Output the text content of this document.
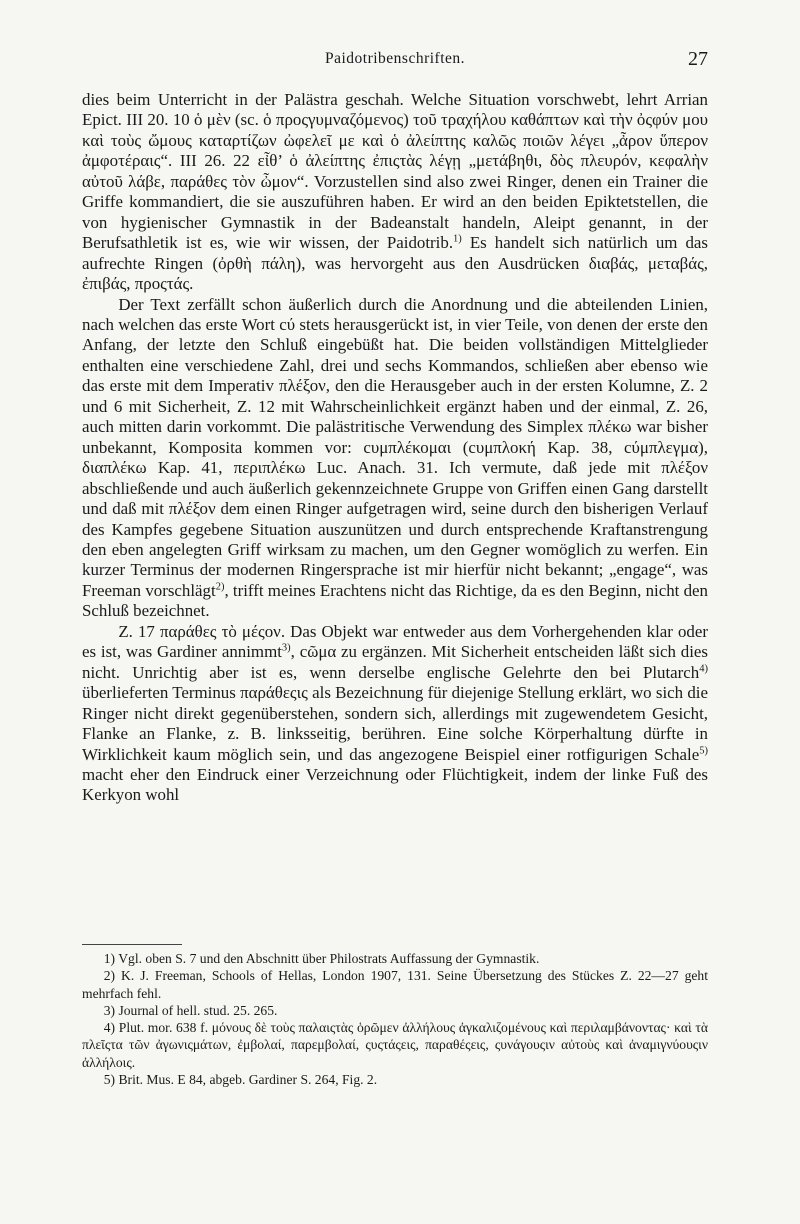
Paidotribenschriften.	27

dies beim Unterricht in der Palästra geschah. Welche Situation vorschwebt, lehrt Arrian Epict. III 20. 10 ὁ μὲν (sc. ὁ προςγυμναζόμενος) τοῦ τραχήλου καθάπτων καὶ τὴν ὀςφύν μου καὶ τοὺς ὤμους καταρτίζων ὠφελεῖ με καὶ ὁ ἀλείπτης καλῶς ποιῶν λέγει „ἆρον ὕπερον ἀμφοτέραις“. III 26. 22 εἶθ’ ὁ ἀλείπτης ἐπιςτὰς λέγῃ „μετάβηθι, δὸς πλευρόν, κεφαλὴν αὐτοῦ λάβε, παράθες τὸν ὦμον“. Vorzustellen sind also zwei Ringer, denen ein Trainer die Griffe kommandiert, die sie auszuführen haben. Er wird an den beiden Epiktetstellen, die von hygienischer Gymnastik in der Badeanstalt handeln, Aleipt genannt, in der Berufsathletik ist es, wie wir wissen, der Paidotrib.$^{1)}$ Es handelt sich natürlich um das aufrechte Ringen (ὀρθὴ πάλη), was hervorgeht aus den Ausdrücken διαβάς, μεταβάς, ἐπιβάς, προςτάς.

Der Text zerfällt schon äußerlich durch die Anordnung und die abteilenden Linien, nach welchen das erste Wort cύ stets herausgerückt ist, in vier Teile, von denen der erste den Anfang, der letzte den Schluß eingebüßt hat. Die beiden vollständigen Mittelglieder enthalten eine verschiedene Zahl, drei und sechs Kommandos, schließen aber ebenso wie das erste mit dem Imperativ πλέξον, den die Herausgeber auch in der ersten Kolumne, Z. 2 und 6 mit Sicherheit, Z. 12 mit Wahrscheinlichkeit ergänzt haben und der einmal, Z. 26, auch mitten darin vorkommt. Die palästritische Verwendung des Simplex πλέκω war bisher unbekannt, Komposita kommen vor: cυμπλέκομαι (cυμπλοκή Kap. 38, cύμπλεγμα), διαπλέκω Kap. 41, περιπλέκω Luc. Anach. 31. Ich vermute, daß jede mit πλέξον abschließende und auch äußerlich gekennzeichnete Gruppe von Griffen einen Gang darstellt und daß mit πλέξον dem einen Ringer aufgetragen wird, seine durch den bisherigen Verlauf des Kampfes gegebene Situation auszunützen und durch entsprechende Kraftanstrengung den eben angelegten Griff wirksam zu machen, um den Gegner womöglich zu werfen. Ein kurzer Terminus der modernen Ringersprache ist mir hierfür nicht bekannt; „engage“, was Freeman vorschlägt$^{2)}$, trifft meines Erachtens nicht das Richtige, da es den Beginn, nicht den Schluß bezeichnet.

Z. 17 παράθες τὸ μέςον. Das Objekt war entweder aus dem Vorhergehenden klar oder es ist, was Gardiner annimmt$^{3)}$, cῶμα zu ergänzen. Mit Sicherheit entscheiden läßt sich dies nicht. Unrichtig aber ist es, wenn derselbe englische Gelehrte den bei Plutarch$^{4)}$ überlieferten Terminus παράθεςις als Bezeichnung für diejenige Stellung erklärt, wo sich die Ringer nicht direkt gegenüberstehen, sondern sich, allerdings mit zugewendetem Gesicht, Flanke an Flanke, z. B. linksseitig, berühren. Eine solche Körperhaltung dürfte in Wirklichkeit kaum möglich sein, und das angezogene Beispiel einer rotfigurigen Schale$^{5)}$ macht eher den Eindruck einer Verzeichnung oder Flüchtigkeit, indem der linke Fuß des Kerkyon wohl

1) Vgl. oben S. 7 und den Abschnitt über Philostrats Auffassung der Gymnastik.

2) K. J. Freeman, Schools of Hellas, London 1907, 131. Seine Übersetzung des Stückes Z. 22—27 geht mehrfach fehl.

3) Journal of hell. stud. 25. 265.

4) Plut. mor. 638 f. μόνους δὲ τοὺς παλαιςτὰς ὁρῶμεν ἀλλήλους ἀγκαλιζομένους καὶ περιλαμβάνοντας· καὶ τὰ πλεῖςτα τῶν ἀγωνιςμάτων, ἐμβολαί, παρεμβολαί, ςυςτάςεις, παραθέςεις, ςυνάγουςιν αὐτοὺς καὶ ἀναμιγνύουςιν ἀλλήλοις.

5) Brit. Mus. E 84, abgeb. Gardiner S. 264, Fig. 2.
